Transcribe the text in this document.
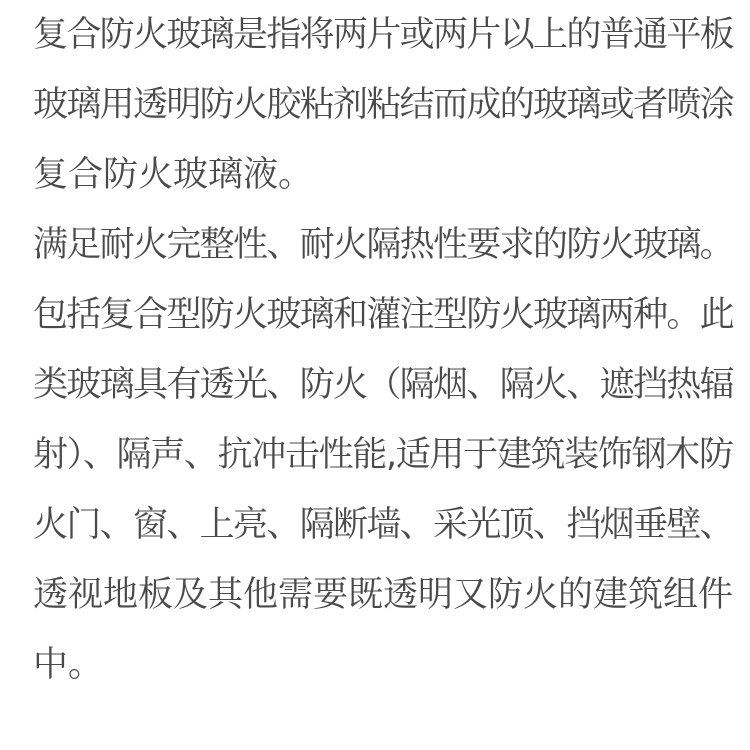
复合防火玻璃是指将两片或两片以上的普通平板
玻璃用透明防火胶粘剂粘结而成的玻璃或者喷涂
复合防火玻璃液。
满足耐火完整性、耐火隔热性要求的防火玻璃。
包括复合型防火玻璃和灌注型防火玻璃两种。此
类玻璃具有透光、防火（隔烟、隔火、遮挡热辐
射）、隔声、抗冲击性能,适用于建筑装饰钢木防
火门、窗、上亮、隔断墙、采光顶、挡烟垂壁、
透视地板及其他需要既透明又防火的建筑组件
中。
